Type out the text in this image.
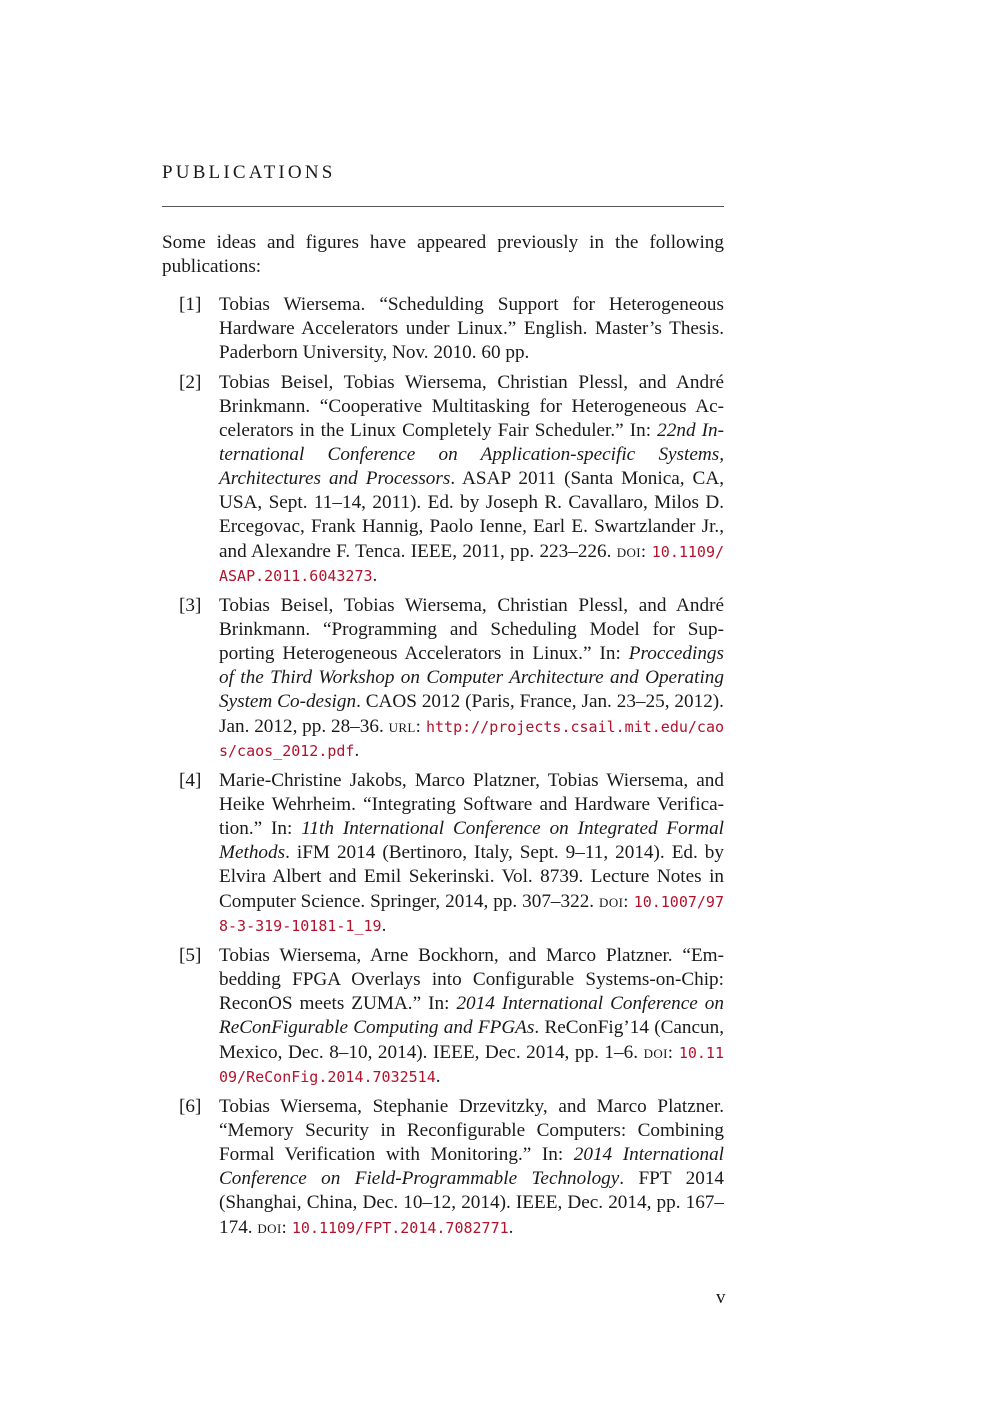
PUBLICATIONS

Some ideas and figures have appeared previously in the following publications:

[1] Tobias Wiersema. “Schedulding Support for Heterogeneous Hardware Accelerators under Linux.” English. Master’s Thesis. Paderborn University, Nov. 2010. 60 pp.
[2] Tobias Beisel, Tobias Wiersema, Christian Plessl, and André Brinkmann. “Cooperative Multitasking for Heterogeneous Accelerators in the Linux Completely Fair Scheduler.” In: 22nd International Conference on Application-specific Systems, Architectures and Processors. ASAP 2011 (Santa Monica, CA, USA, Sept. 11–14, 2011). Ed. by Joseph R. Cavallaro, Milos D. Ercegovac, Frank Hannig, Paolo Ienne, Earl E. Swartzlander Jr., and Alexandre F. Tenca. IEEE, 2011, pp. 223–226. doi: 10.1109/ASAP.2011.6043273.
[3] Tobias Beisel, Tobias Wiersema, Christian Plessl, and André Brinkmann. “Programming and Scheduling Model for Supporting Heterogeneous Accelerators in Linux.” In: Proccedings of the Third Workshop on Computer Architecture and Operating System Co-design. CAOS 2012 (Paris, France, Jan. 23–25, 2012). Jan. 2012, pp. 28–36. url: http://projects.csail.mit.edu/caos/caos_2012.pdf.
[4] Marie-Christine Jakobs, Marco Platzner, Tobias Wiersema, and Heike Wehrheim. “Integrating Software and Hardware Verification.” In: 11th International Conference on Integrated Formal Methods. iFM 2014 (Bertinoro, Italy, Sept. 9–11, 2014). Ed. by Elvira Albert and Emil Sekerinski. Vol. 8739. Lecture Notes in Computer Science. Springer, 2014, pp. 307–322. doi: 10.1007/978-3-319-10181-1_19.
[5] Tobias Wiersema, Arne Bockhorn, and Marco Platzner. “Embedding FPGA Overlays into Configurable Systems-on-Chip: ReconOS meets ZUMA.” In: 2014 International Conference on ReConFigurable Computing and FPGAs. ReConFig’14 (Cancun, Mexico, Dec. 8–10, 2014). IEEE, Dec. 2014, pp. 1–6. doi: 10.1109/ReConFig.2014.7032514.
[6] Tobias Wiersema, Stephanie Drzevitzky, and Marco Platzner. “Memory Security in Reconfigurable Computers: Combining Formal Verification with Monitoring.” In: 2014 International Conference on Field-Programmable Technology. FPT 2014 (Shanghai, China, Dec. 10–12, 2014). IEEE, Dec. 2014, pp. 167–174. doi: 10.1109/FPT.2014.7082771.
v
